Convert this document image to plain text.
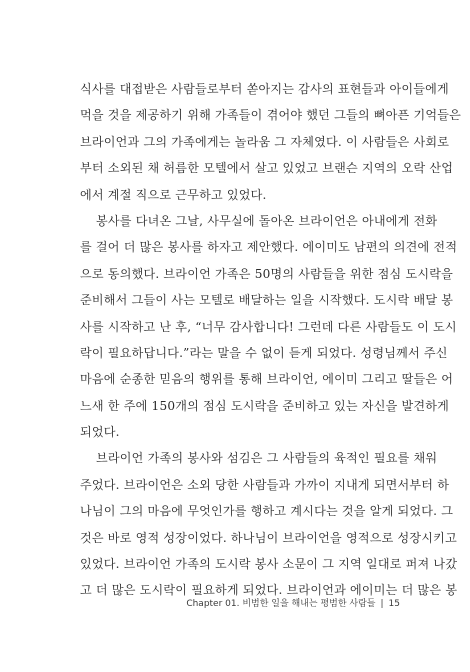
식사를 대접받은 사람들로부터 쏟아지는 감사의 표현들과 아이들에게
먹을 것을 제공하기 위해 가족들이 겪어야 했던 그들의 뼈아픈 기억들은
브라이언과 그의 가족에게는 놀라움 그 자체였다. 이 사람들은 사회로
부터 소외된 채 허름한 모텔에서 살고 있었고 브랜슨 지역의 오락 산업
에서 계절 직으로 근무하고 있었다.
봉사를 다녀온 그날, 사무실에 돌아온 브라이언은 아내에게 전화
를 걸어 더 많은 봉사를 하자고 제안했다. 에이미도 남편의 의견에 전적
으로 동의했다. 브라이언 가족은 50명의 사람들을 위한 점심 도시락을
준비해서 그들이 사는 모텔로 배달하는 일을 시작했다. 도시락 배달 봉
사를 시작하고 난 후, “너무 감사합니다! 그런데 다른 사람들도 이 도시
락이 필요하답니다.”라는 말을 수 없이 듣게 되었다. 성령님께서 주신
마음에 순종한 믿음의 행위를 통해 브라이언, 에이미 그리고 딸들은 어
느새 한 주에 150개의 점심 도시락을 준비하고 있는 자신을 발견하게
되었다.
브라이언 가족의 봉사와 섬김은 그 사람들의 육적인 필요를 채워
주었다. 브라이언은 소외 당한 사람들과 가까이 지내게 되면서부터 하
나님이 그의 마음에 무엇인가를 행하고 계시다는 것을 알게 되었다. 그
것은 바로 영적 성장이었다. 하나님이 브라이언을 영적으로 성장시키고
있었다. 브라이언 가족의 도시락 봉사 소문이 그 지역 일대로 퍼져 나갔
고 더 많은 도시락이 필요하게 되었다. 브라이언과 에이미는 더 많은 봉
Chapter 01. 비범한 일을 해내는 평범한 사람들 | 15
